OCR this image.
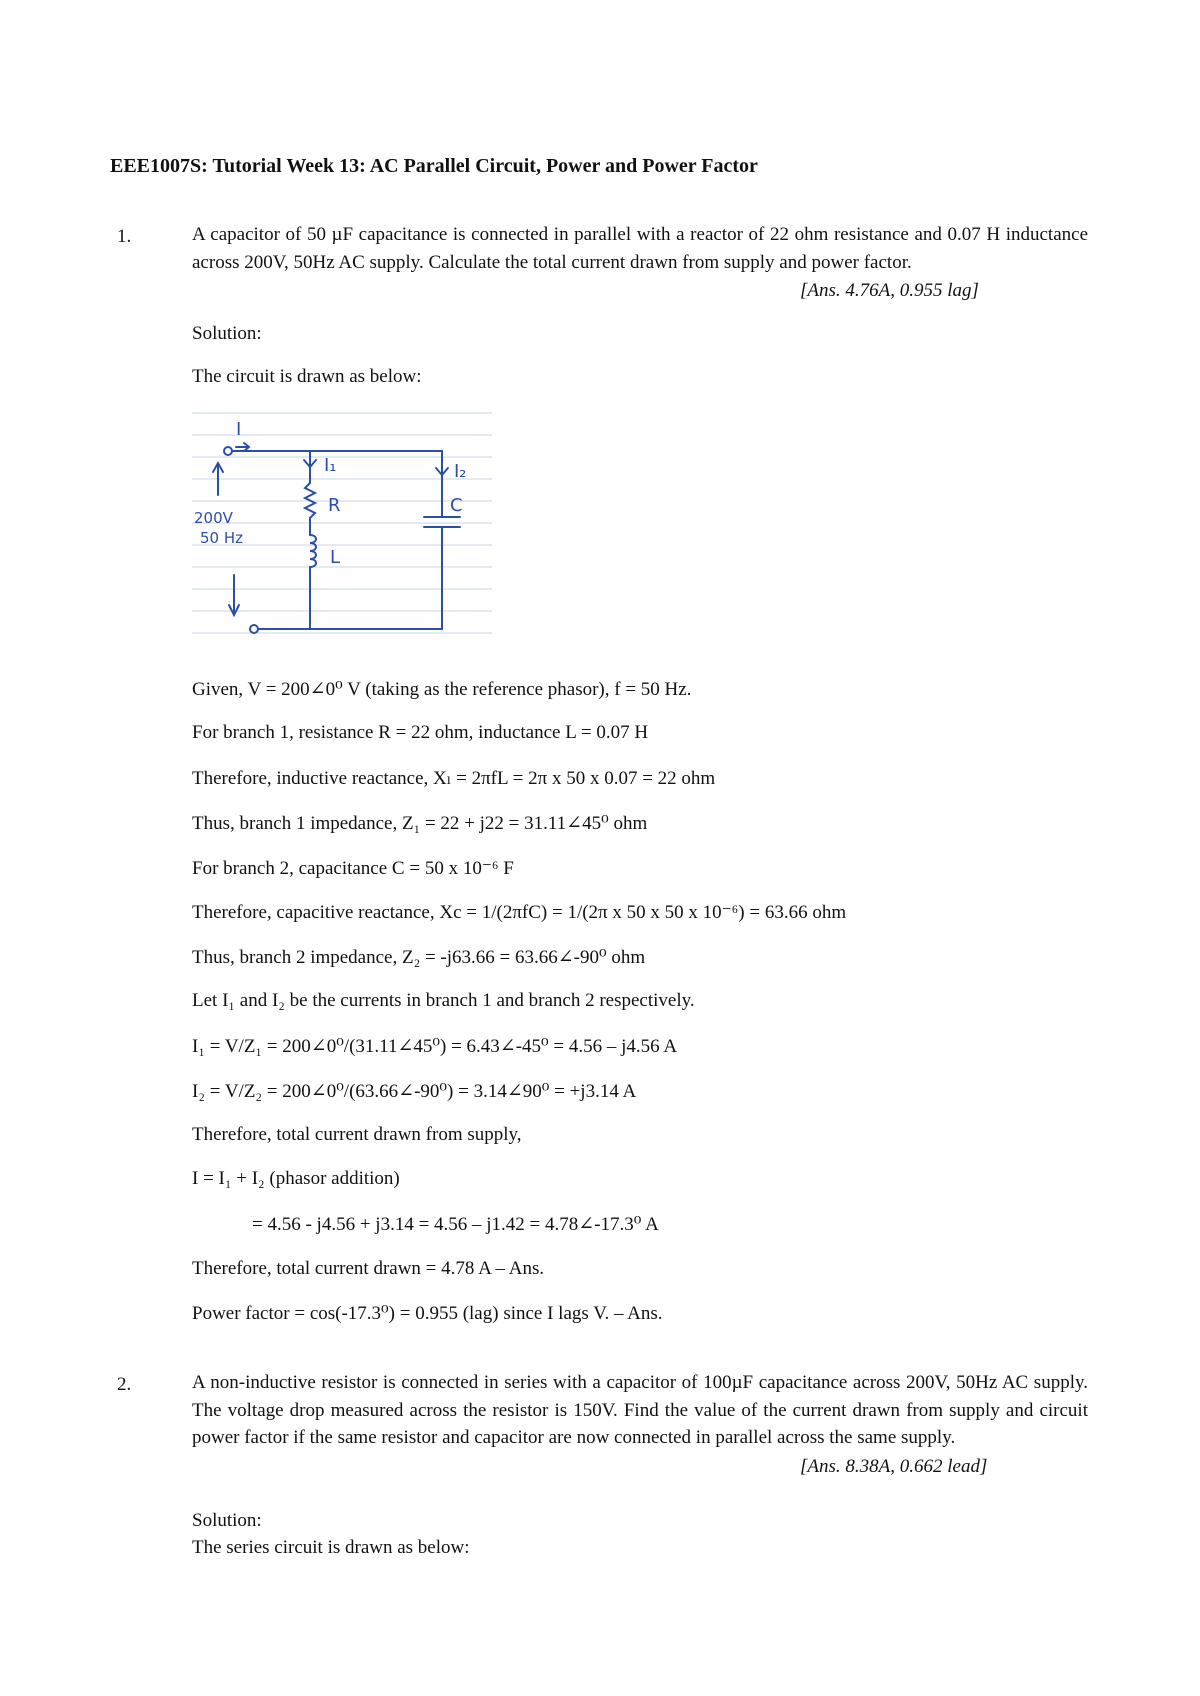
EEE1007S: Tutorial Week 13: AC Parallel Circuit, Power and Power Factor
1.	A capacitor of 50 µF capacitance is connected in parallel with a reactor of 22 ohm resistance and 0.07 H inductance across 200V, 50Hz AC supply. Calculate the total current drawn from supply and power factor.
[Ans. 4.76A, 0.955 lag]
Solution:
The circuit is drawn as below:
I
I₁	I₂
R
L
C
200V
50 Hz
Given, V = 200∠0⁰ V (taking as the reference phasor), f = 50 Hz.
For branch 1, resistance R = 22 ohm, inductance L = 0.07 H
Therefore, inductive reactance, Xₗ = 2πfL = 2π x 50 x 0.07 = 22 ohm
Thus, branch 1 impedance, Z₁ = 22 + j22 = 31.11∠45⁰ ohm
For branch 2, capacitance C = 50 x 10⁻⁶ F
Therefore, capacitive reactance, Xc = 1/(2πfC) = 1/(2π x 50 x 50 x 10⁻⁶) = 63.66 ohm
Thus, branch 2 impedance, Z₂ = -j63.66 = 63.66∠-90⁰ ohm
Let I₁ and I₂ be the currents in branch 1 and branch 2 respectively.
I₁ = V/Z₁ = 200∠0⁰/(31.11∠45⁰) = 6.43∠-45⁰ = 4.56 – j4.56 A
I₂ = V/Z₂ = 200∠0⁰/(63.66∠-90⁰) = 3.14∠90⁰ = +j3.14 A
Therefore, total current drawn from supply,
I = I₁ + I₂ (phasor addition)
= 4.56 - j4.56 + j3.14 = 4.56 – j1.42 = 4.78∠-17.3⁰ A
Therefore, total current drawn = 4.78 A – Ans.
Power factor = cos(-17.3⁰) = 0.955 (lag) since I lags V. – Ans.
2.	A non-inductive resistor is connected in series with a capacitor of 100µF capacitance across 200V, 50Hz AC supply. The voltage drop measured across the resistor is 150V. Find the value of the current drawn from supply and circuit power factor if the same resistor and capacitor are now connected in parallel across the same supply.
[Ans. 8.38A, 0.662 lead]
Solution:
The series circuit is drawn as below:
